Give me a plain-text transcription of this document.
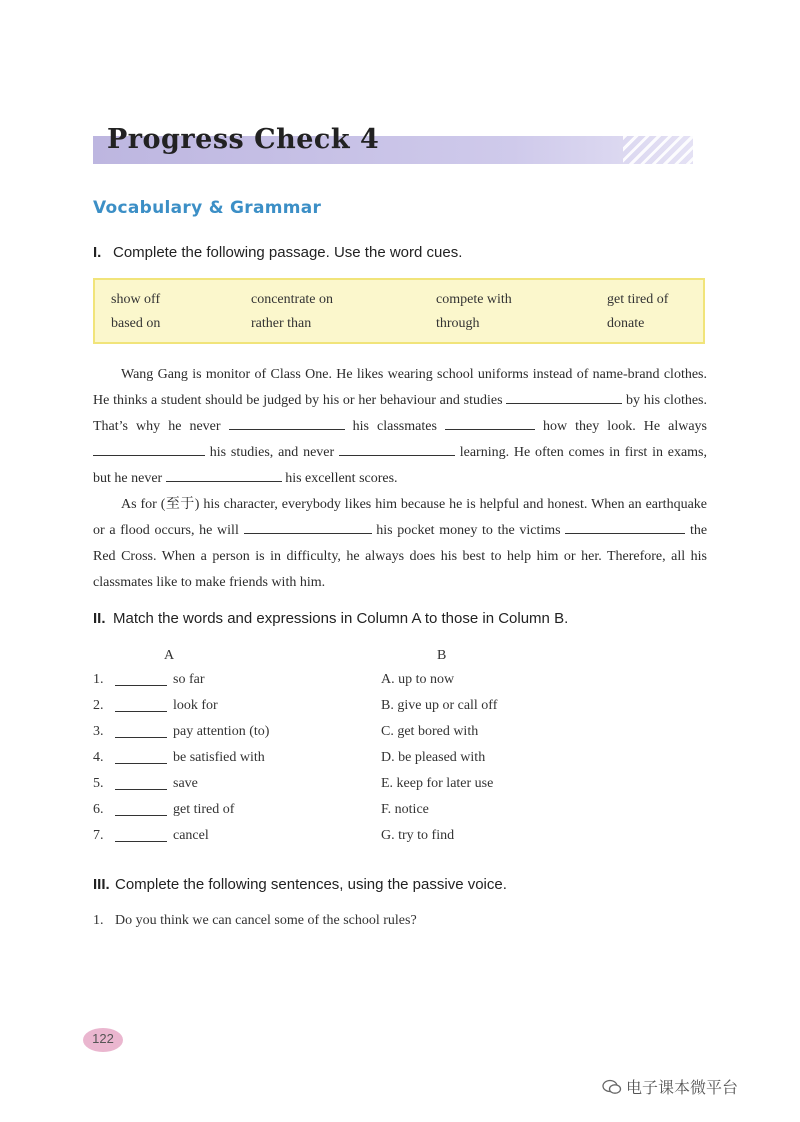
Progress Check 4
Vocabulary & Grammar

I. Complete the following passage. Use the word cues.

show off	concentrate on	compete with	get tired of
based on	rather than	through	donate

Wang Gang is monitor of Class One. He likes wearing school uniforms instead of name-brand clothes. He thinks a student should be judged by his or her behaviour and studies	by his clothes. That’s why he never	his classmates	how they look. He always  his studies, and never	learning. He often comes in first in exams, but he never	his excellent scores.

As for (至于) his character, everybody likes him because he is helpful and honest. When an earthquake or a flood occurs, he will	his pocket money to the victims	the Red Cross. When a person is in difficulty, he always does his best to help him or her. Therefore, all his classmates like to make friends with him.

II. Match the words and expressions in Column A to those in Column B.

A	B
1.	so far	A. up to now
2.	look for	B. give up or call off
3.	pay attention (to)	C. get bored with
4.	be satisfied with	D. be pleased with
5.	save	E. keep for later use
6.	get tired of	F. notice
7.	cancel	G. try to find

III. Complete the following sentences, using the passive voice.

1. Do you think we can cancel some of the school rules?
122
电子课本微平台
